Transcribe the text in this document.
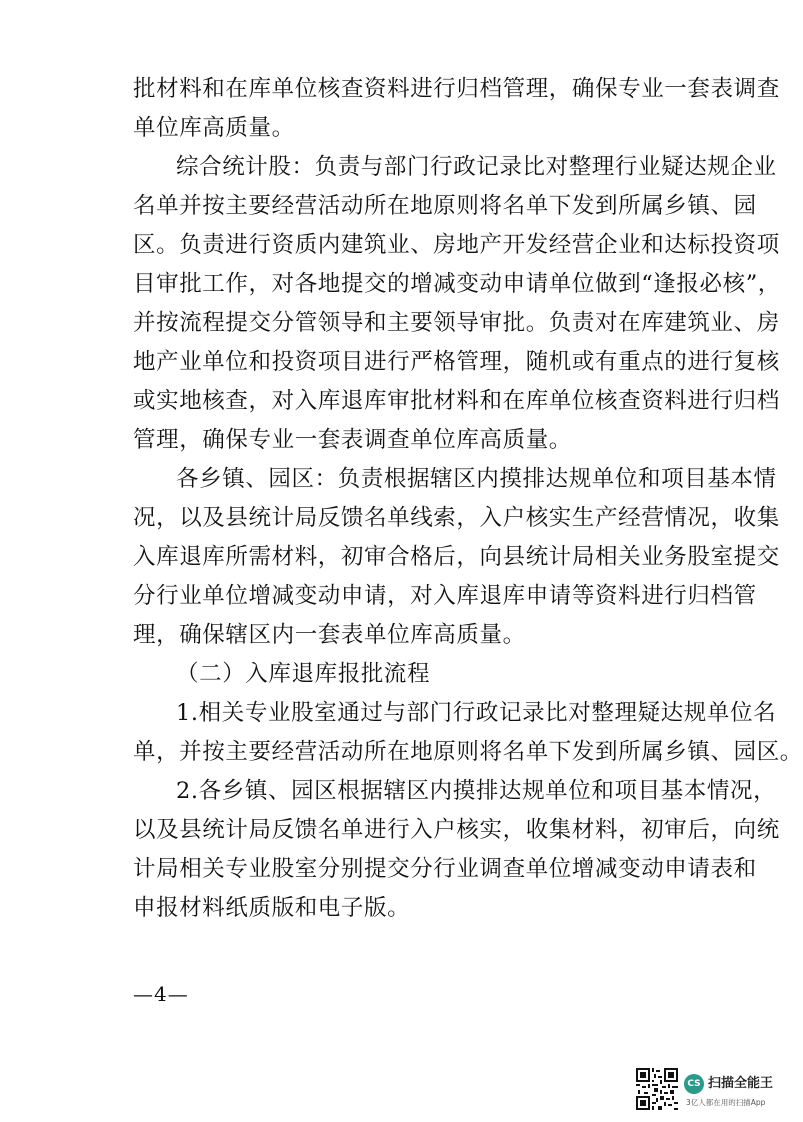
批材料和在库单位核查资料进行归档管理，确保专业一套表调查
单位库高质量。
综合统计股：负责与部门行政记录比对整理行业疑达规企业
名单并按主要经营活动所在地原则将名单下发到所属乡镇、园
区。负责进行资质内建筑业、房地产开发经营企业和达标投资项
目审批工作，对各地提交的增减变动申请单位做到“逢报必核”，
并按流程提交分管领导和主要领导审批。负责对在库建筑业、房
地产业单位和投资项目进行严格管理，随机或有重点的进行复核
或实地核查，对入库退库审批材料和在库单位核查资料进行归档
管理，确保专业一套表调查单位库高质量。
各乡镇、园区：负责根据辖区内摸排达规单位和项目基本情
况，以及县统计局反馈名单线索，入户核实生产经营情况，收集
入库退库所需材料，初审合格后，向县统计局相关业务股室提交
分行业单位增减变动申请，对入库退库申请等资料进行归档管
理，确保辖区内一套表单位库高质量。
（二）入库退库报批流程
1.相关专业股室通过与部门行政记录比对整理疑达规单位名
单，并按主要经营活动所在地原则将名单下发到所属乡镇、园区。
2.各乡镇、园区根据辖区内摸排达规单位和项目基本情况，
以及县统计局反馈名单进行入户核实，收集材料，初审后，向统
计局相关专业股室分别提交分行业调查单位增减变动申请表和
申报材料纸质版和电子版。
—4—
CS 扫描全能王
3亿人都在用的扫描App
